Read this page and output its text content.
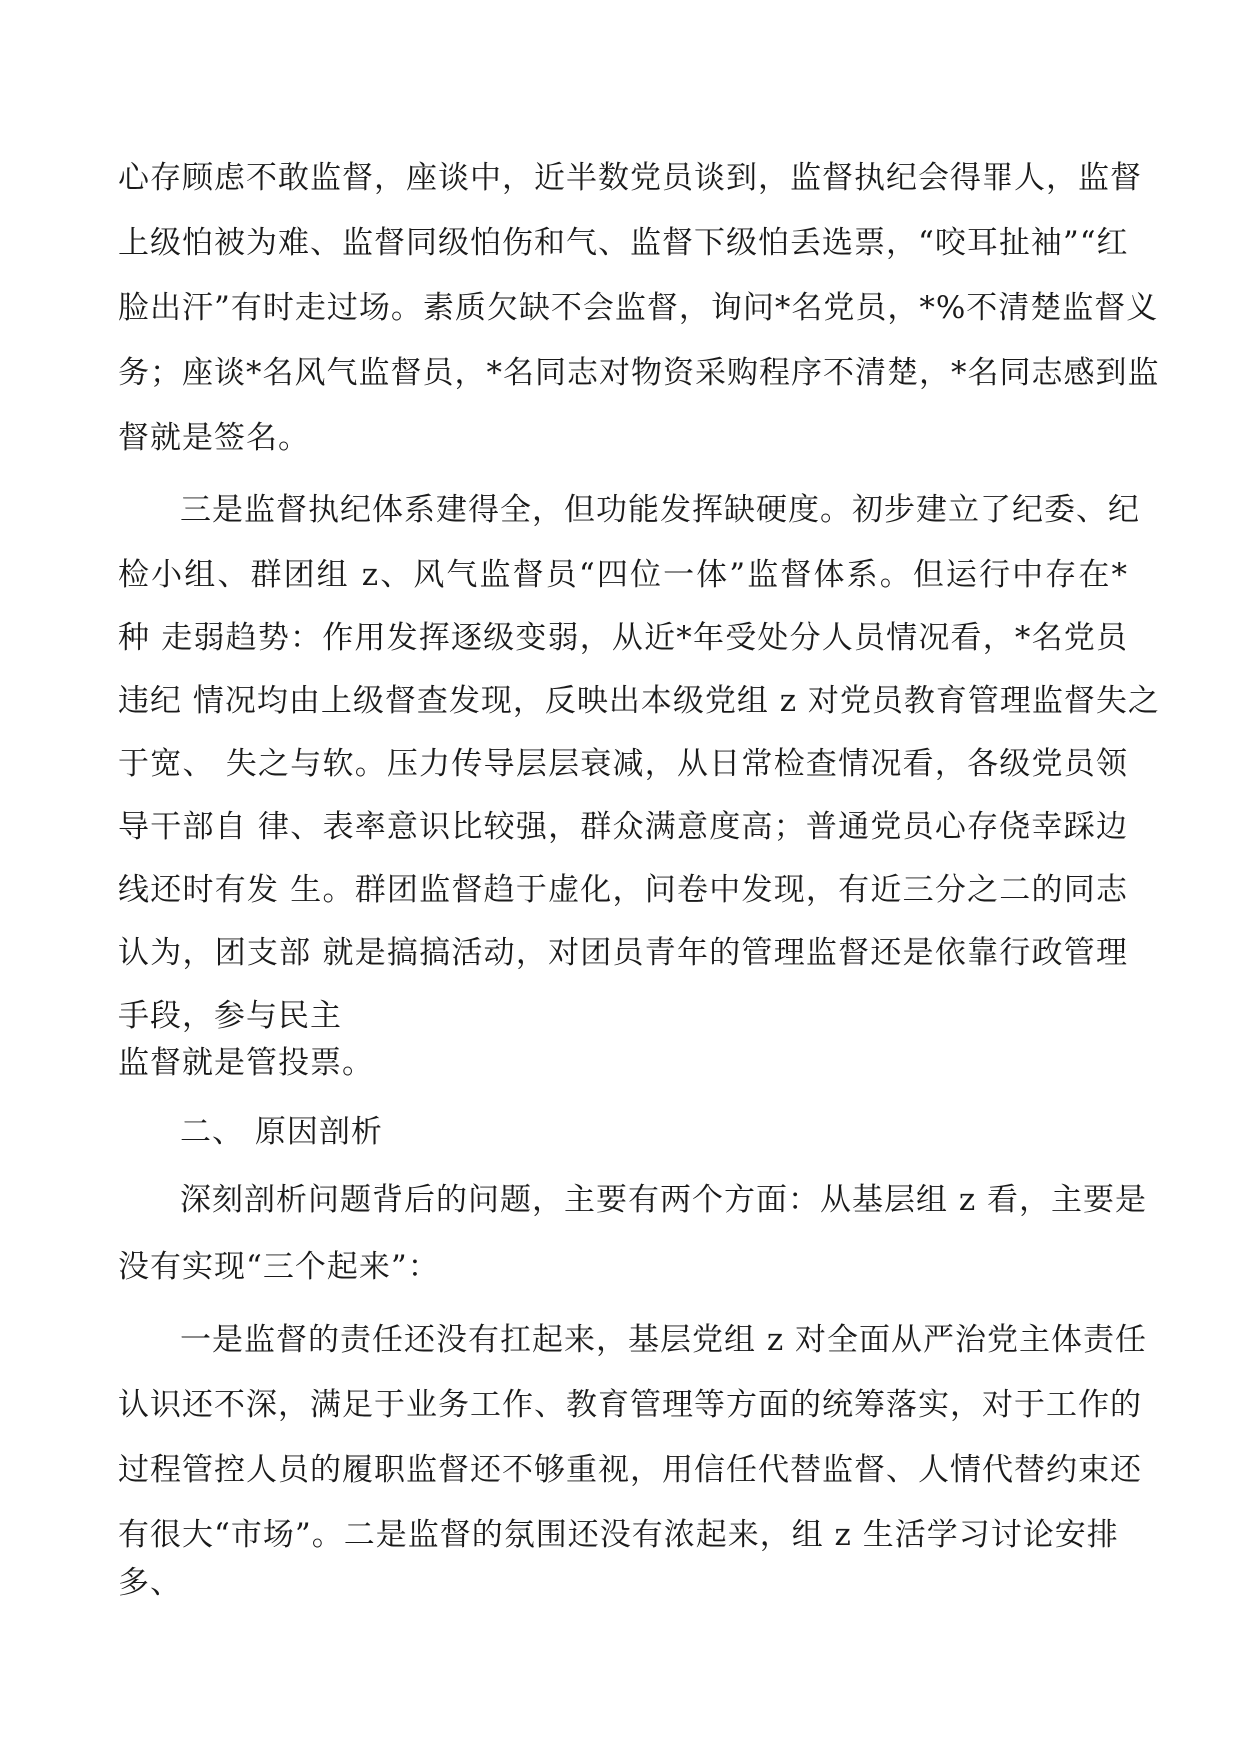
心存顾虑不敢监督，座谈中，近半数党员谈到，监督执纪会得罪人，监督
上级怕被为难、监督同级怕伤和气、监督下级怕丢选票，“咬耳扯袖”“红
脸出汗”有时走过场。素质欠缺不会监督，询问*名党员，*%不清楚监督义
务；座谈*名风气监督员，*名同志对物资采购程序不清楚，*名同志感到监
督就是签名。
三是监督执纪体系建得全，但功能发挥缺硬度。初步建立了纪委、纪
检小组、群团组 z、风气监督员“四位一体”监督体系。但运行中存在*
种 走弱趋势：作用发挥逐级变弱，从近*年受处分人员情况看，*名党员
违纪 情况均由上级督查发现，反映出本级党组 z 对党员教育管理监督失之
于宽、 失之与软。压力传导层层衰减，从日常检查情况看，各级党员领
导干部自 律、表率意识比较强，群众满意度高；普通党员心存侥幸踩边
线还时有发 生。群团监督趋于虚化，问卷中发现，有近三分之二的同志
认为，团支部 就是搞搞活动，对团员青年的管理监督还是依靠行政管理
手段，参与民主
监督就是管投票。
二、 原因剖析
深刻剖析问题背后的问题，主要有两个方面：从基层组 z 看，主要是
没有实现“三个起来”：
一是监督的责任还没有扛起来，基层党组 z 对全面从严治党主体责任
认识还不深，满足于业务工作、教育管理等方面的统筹落实，对于工作的
过程管控人员的履职监督还不够重视，用信任代替监督、人情代替约束还
有很大“市场”。二是监督的氛围还没有浓起来，组 z 生活学习讨论安排
多、
